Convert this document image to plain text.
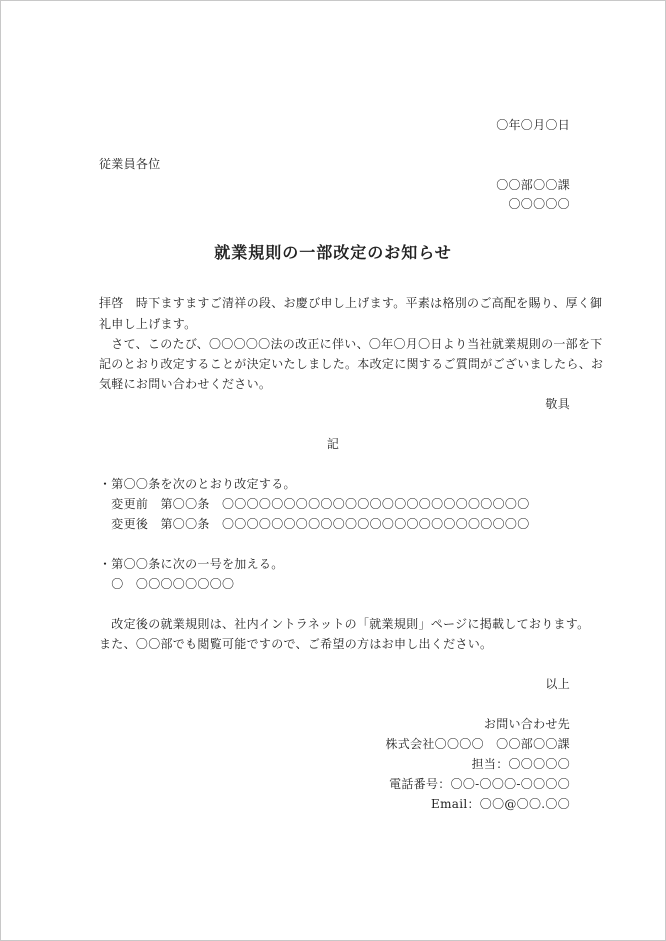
〇年〇月〇日
従業員各位
〇〇部〇〇課
〇〇〇〇〇
就業規則の一部改定のお知らせ
拝啓　時下ますますご清祥の段、お慶び申し上げます。平素は格別のご高配を賜り、厚く御
礼申し上げます。
　さて、このたび、〇〇〇〇〇法の改正に伴い、〇年〇月〇日より当社就業規則の一部を下
記のとおり改定することが決定いたしました。本改定に関するご質問がございましたら、お
気軽にお問い合わせください。
敬具
記
・第〇〇条を次のとおり改定する。
　変更前　第〇〇条　〇〇〇〇〇〇〇〇〇〇〇〇〇〇〇〇〇〇〇〇〇〇〇〇〇
　変更後　第〇〇条　〇〇〇〇〇〇〇〇〇〇〇〇〇〇〇〇〇〇〇〇〇〇〇〇〇
・第〇〇条に次の一号を加える。
　〇　〇〇〇〇〇〇〇〇
　改定後の就業規則は、社内イントラネットの「就業規則」ページに掲載しております。
また、〇〇部でも閲覧可能ですので、ご希望の方はお申し出ください。
以上
お問い合わせ先
株式会社〇〇〇〇　〇〇部〇〇課
担当：〇〇〇〇〇
電話番号：〇〇-〇〇〇-〇〇〇〇
Email：〇〇@〇〇.〇〇
